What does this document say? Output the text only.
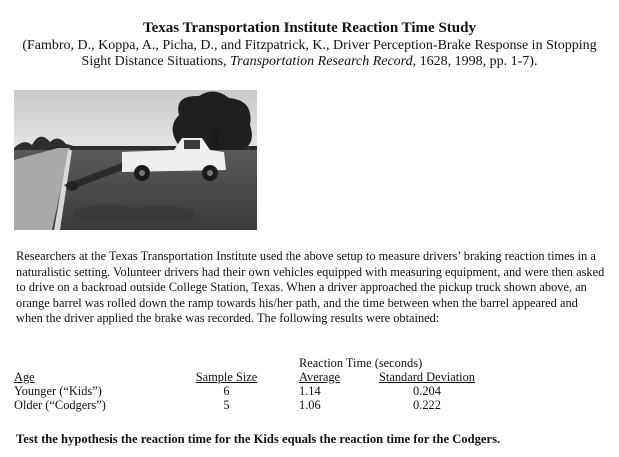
Texas Transportation Institute Reaction Time Study
(Fambro, D., Koppa, A., Picha, D., and Fitzpatrick, K., Driver Perception-Brake Response in Stopping Sight Distance Situations, Transportation Research Record, 1628, 1998, pp. 1-7).
Researchers at the Texas Transportation Institute used the above setup to measure drivers’ braking reaction times in a naturalistic setting. Volunteer drivers had their own vehicles equipped with measuring equipment, and were then asked to drive on a backroad outside College Station, Texas. When a driver approached the pickup truck shown above, an orange barrel was rolled down the ramp towards his/her path, and the time between when the barrel appeared and when the driver applied the brake was recorded. The following results were obtained:
		Reaction Time (seconds)	
Age	Sample Size	Average	Standard Deviation
Younger (“Kids”)	6	1.14	0.204
Older (“Codgers”)	5	1.06	0.222
Test the hypothesis the reaction time for the Kids equals the reaction time for the Codgers.
